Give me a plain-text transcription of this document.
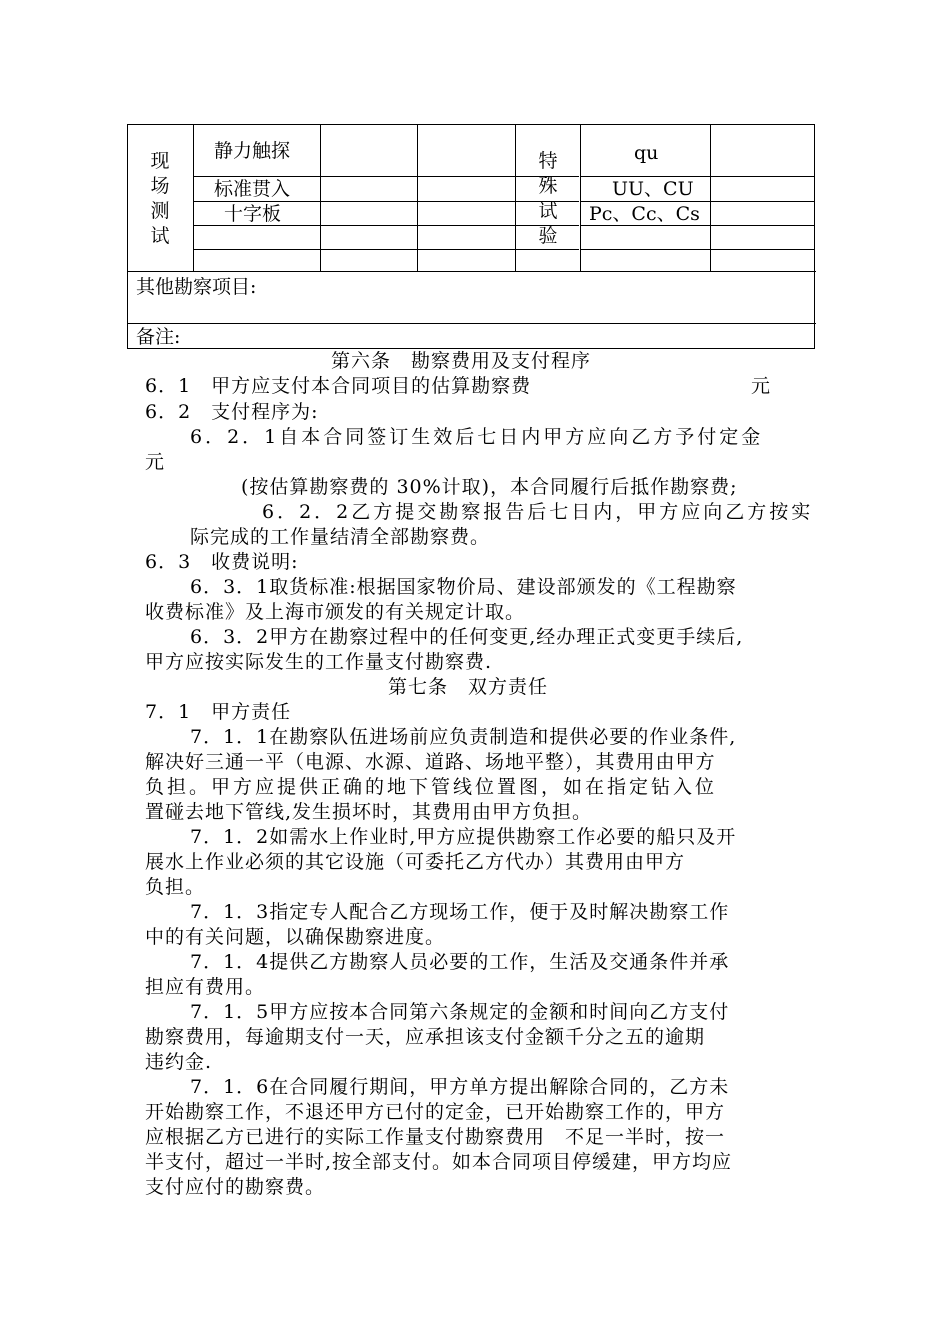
现场测试
静力触探
标准贯入
十字板
特殊试验
qu
UU、CU
Pc、Cc、Cs
其他勘察项目:
备注:
第六条　勘察费用及支付程序
6．1　甲方应支付本合同项目的估算勘察费	元
6．2　支付程序为:
6．2．1自本合同签订生效后七日内甲方应向乙方予付定金
元
(按估算勘察费的 30%计取)，本合同履行后抵作勘察费;
6．2．2乙方提交勘察报告后七日内，甲方应向乙方按实
际完成的工作量结清全部勘察费。
6．3　收费说明:
6．3．1取货标准:根据国家物价局、建设部颁发的《工程勘察
收费标准》及上海市颁发的有关规定计取。
6．3．2甲方在勘察过程中的任何变更,经办理正式变更手续后,
甲方应按实际发生的工作量支付勘察费.
第七条　双方责任
7．1　甲方责任
7．1．1在勘察队伍进场前应负责制造和提供必要的作业条件,
解决好三通一平（电源、水源、道路、场地平整），其费用由甲方
负担。甲方应提供正确的地下管线位置图，如在指定钻入位
置碰去地下管线,发生损坏时，其费用由甲方负担。
7．1．2如需水上作业时,甲方应提供勘察工作必要的船只及开
展水上作业必须的其它设施（可委托乙方代办）其费用由甲方
负担。
7．1．3指定专人配合乙方现场工作，便于及时解决勘察工作
中的有关问题，以确保勘察进度。
7．1．4提供乙方勘察人员必要的工作，生活及交通条件并承
担应有费用。
7．1．5甲方应按本合同第六条规定的金额和时间向乙方支付
勘察费用，每逾期支付一天，应承担该支付金额千分之五的逾期
违约金.
7．1．6在合同履行期间，甲方单方提出解除合同的，乙方未
开始勘察工作，不退还甲方已付的定金，已开始勘察工作的，甲方
应根据乙方已进行的实际工作量支付勘察费用　不足一半时，按一
半支付，超过一半时,按全部支付。如本合同项目停缓建，甲方均应
支付应付的勘察费。
